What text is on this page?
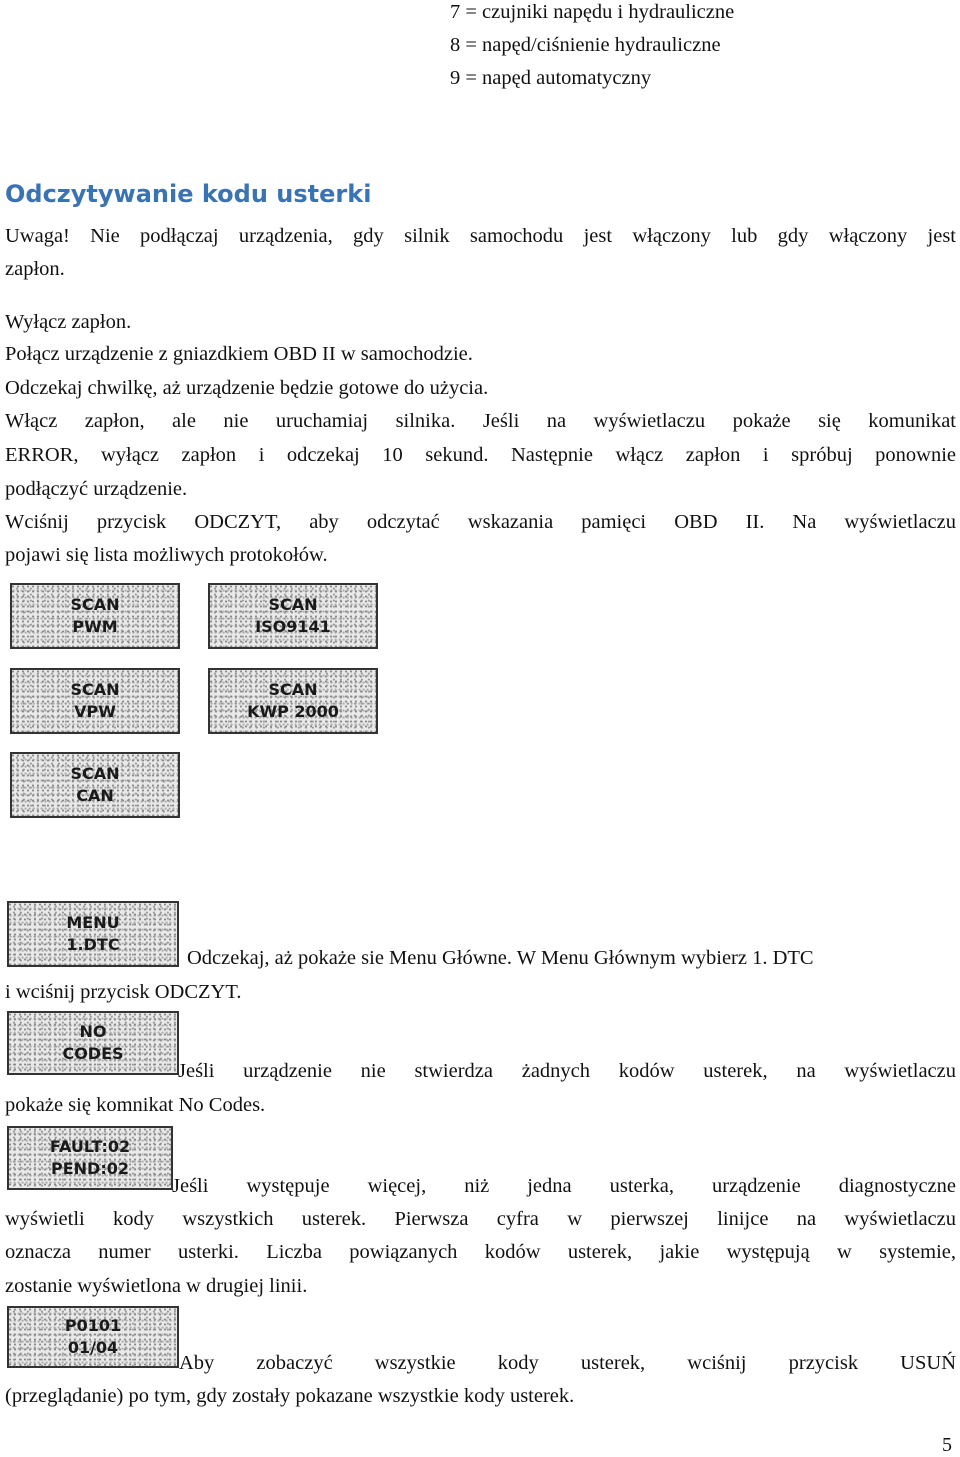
7 = czujniki napędu i hydrauliczne
8 = napęd/ciśnienie hydrauliczne
9 = napęd automatyczny
Odczytywanie kodu usterki
Uwaga! Nie podłączaj urządzenia, gdy silnik samochodu jest włączony lub gdy włączony jest
zapłon.
Wyłącz zapłon.
Połącz urządzenie z gniazdkiem OBD II w samochodzie.
Odczekaj chwilkę, aż urządzenie będzie gotowe do użycia.
Włącz zapłon, ale nie uruchamiaj silnika. Jeśli na wyświetlaczu pokaże się komunikat
ERROR, wyłącz zapłon i odczekaj 10 sekund. Następnie włącz zapłon i spróbuj ponownie
podłączyć urządzenie.
Wciśnij przycisk ODCZYT, aby odczytać wskazania pamięci OBD II. Na wyświetlaczu
pojawi się lista możliwych protokołów.
SCAN
PWM
SCAN
ISO9141
SCAN
VPW
SCAN
KWP 2000
SCAN
CAN
MENU
1.DTC
Odczekaj, aż pokaże sie Menu Główne. W Menu Głównym wybierz 1. DTC
i wciśnij przycisk ODCZYT.
NO
CODES
Jeśli urządzenie nie stwierdza żadnych kodów usterek, na wyświetlaczu
pokaże się komnikat No Codes.
FAULT:02
PEND:02
Jeśli występuje więcej, niż jedna usterka, urządzenie diagnostyczne
wyświetli kody wszystkich usterek. Pierwsza cyfra w pierwszej linijce na wyświetlaczu
oznacza numer usterki. Liczba powiązanych kodów usterek, jakie występują w systemie,
zostanie wyświetlona w drugiej linii.
P0101
01/04
Aby zobaczyć wszystkie kody usterek, wciśnij przycisk USUŃ
(przeglądanie) po tym, gdy zostały pokazane wszystkie kody usterek.
5
